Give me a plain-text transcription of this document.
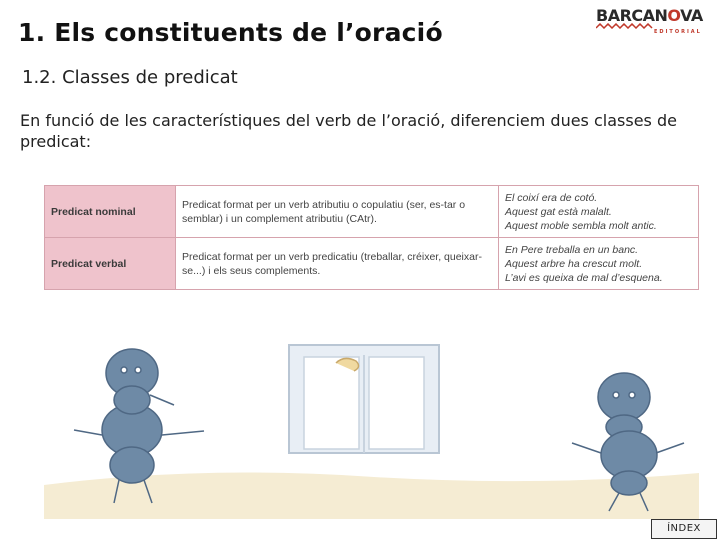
1. Els constituents de l’oració
BARCANOVA
EDITORIAL
1.2. Classes de predicat
En funció de les característiques del verb de l’oració, diferenciem dues classes de predicat:
Predicat nominal	Predicat format per un verb atributiu o copulatiu (ser, es-tar o semblar) i un complement atributiu (CAtr).	El coixí era de cotó.
Aquest gat està malalt.
Aquest moble sembla molt antic.

Predicat verbal	Predicat format per un verb predicatiu (treballar, créixer, queixar-se...) i els seus complements.	En Pere treballa en un banc.
Aquest arbre ha crescut molt.
L’avi es queixa de mal d’esquena.
ÍNDEX
